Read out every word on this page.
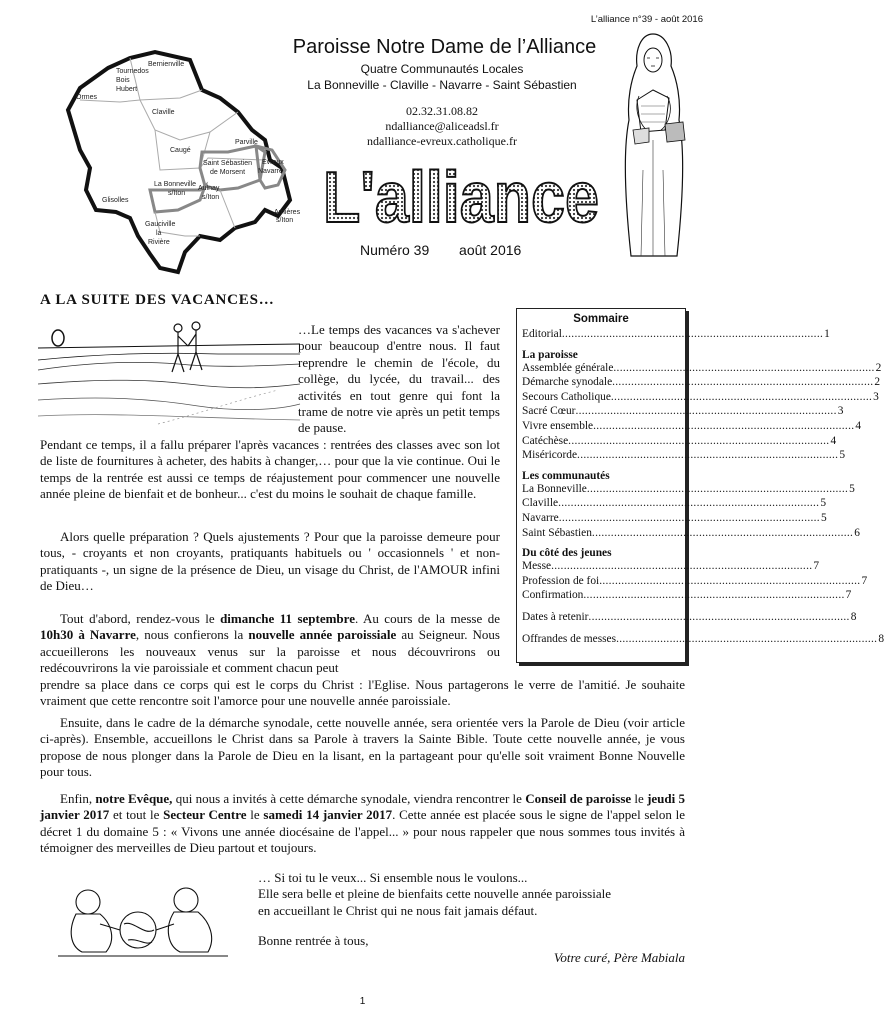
L’alliance n°39 - août 2016
Bernienville
Tournedos
Bois
Hubert
Ormes
Claville
Caugé
Parville
Saint Sébastien
de Morsent
Evreux
Navarre
La Bonneville
s/Iton
Aulnay
s/Iton
Glisolles
Arnières
s/Iton
Gauciville
la
Rivière
Paroisse Notre Dame de l’Alliance
Quatre Communautés Locales
La Bonneville - Claville - Navarre - Saint Sébastien
02.32.31.08.82
ndalliance@aliceadsl.fr
ndalliance-evreux.catholique.fr
L'alliance
Numéro 39 août 2016
A LA SUITE DES VACANCES…
…Le temps des vacances va s'achever pour beaucoup d'entre nous. Il faut reprendre le chemin de l'école, du collège, du lycée, du travail... des activités en tout genre qui font la trame de notre vie après un petit temps de pause.
Pendant ce temps, il a fallu préparer l'après vacances : rentrées des classes avec son lot de liste de fournitures à acheter, des habits à changer,… pour que la vie continue. Oui le temps de la rentrée est aussi ce temps de réajustement pour commencer une nouvelle année pleine de bienfait et de bonheur... c'est du moins le souhait de chaque famille.
Alors quelle préparation ? Quels ajustements ? Pour que la paroisse demeure pour tous, - croyants et non croyants, pratiquants habituels ou ' occasionnels ' et non-pratiquants -, un signe de la présence de Dieu, un visage du Christ, de l'AMOUR infini de Dieu…
Tout d'abord, rendez-vous le dimanche 11 septembre. Au cours de la messe de 10h30 à Navarre, nous confierons la nouvelle année paroissiale au Seigneur. Nous accueillerons les nouveaux venus sur la paroisse et nous découvrirons ou redécouvrirons la vie paroissiale et comment chacun peut
prendre sa place dans ce corps qui est le corps du Christ : l'Eglise. Nous partagerons le verre de l'amitié. Je souhaite vraiment que cette rencontre soit l'amorce pour une nouvelle année paroissiale.
Ensuite, dans le cadre de la démarche synodale, cette nouvelle année, sera orientée vers la Parole de Dieu (voir article ci-après). Ensemble, accueillons le Christ dans sa Parole à travers la Sainte Bible. Toute cette nouvelle année, je vous propose de nous plonger dans la Parole de Dieu en la lisant, en la partageant pour qu'elle soit vraiment Bonne Nouvelle pour tous.
Enfin, notre Evêque, qui nous a invités à cette démarche synodale, viendra rencontrer le Conseil de paroisse le jeudi 5 janvier 2017 et tout le Secteur Centre le samedi 14 janvier 2017. Cette année est placée sous le signe de l'appel selon le décret 1 du domaine 5 : « Vivons une année diocésaine de l'appel... » pour nous rappeler que nous sommes tous invités à témoigner des merveilles de Dieu partout et toujours.
Sommaire
Editorial .....	1
La paroisse
Assemblée générale .....	2
Démarche synodale .....	2
Secours Catholique .....	3
Sacré Cœur .....	3
Vivre ensemble .....	4
Catéchèse .....	4
Miséricorde .....	5
Les communautés
La Bonneville .....	5
Claville .....	5
Navarre .....	5
Saint Sébastien .....	6
Du côté des jeunes
Messe .....	7
Profession de foi .....	7
Confirmation .....	7
Dates à retenir .....	8
Offrandes de messes .....	8
… Si toi tu le veux... Si ensemble nous le voulons...
Elle sera belle et pleine de bienfaits cette nouvelle année paroissiale
en accueillant le Christ qui ne nous fait jamais défaut.
Bonne rentrée à tous,
Votre curé, Père Mabiala
1
